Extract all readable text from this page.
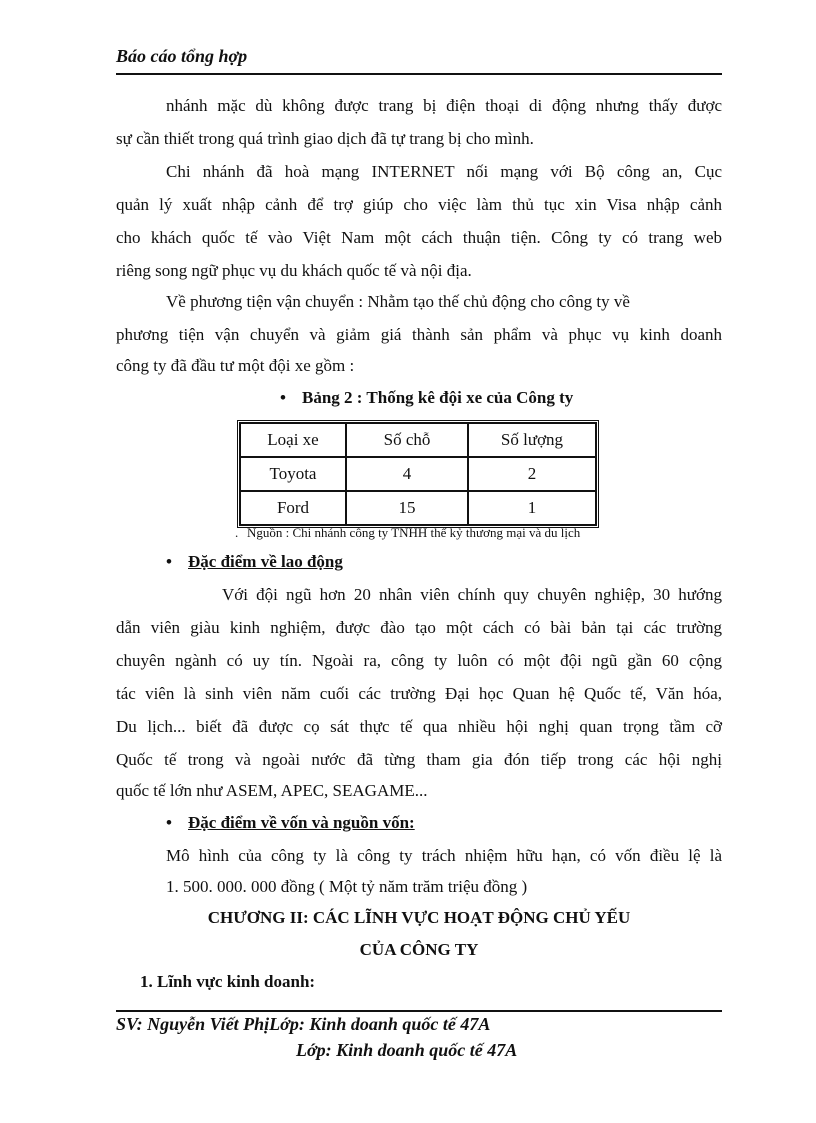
Báo cáo tổng hợp
nhánh mặc dù không được trang bị điện thoại di động nhưng thấy được
sự cần thiết trong quá trình giao dịch đã tự trang bị cho mình.
Chi nhánh đã hoà mạng INTERNET nối mạng với Bộ công an, Cục
quản lý xuất nhập cảnh để trợ giúp cho việc làm thủ tục xin Visa nhập cảnh
cho khách quốc tế vào Việt Nam một cách thuận tiện. Công ty có trang web
riêng song ngữ phục vụ du khách quốc tế và nội địa.
Về phương tiện vận chuyển : Nhằm tạo thế chủ động cho công ty về
phương tiện vận chuyển và giảm giá thành sản phẩm và phục vụ kinh doanh
công ty đã đầu tư một đội xe gồm :
• Bảng 2 : Thống kê đội xe của Công ty
Loại xe	Số chỗ	Số lượng
Toyota	4	2
Ford	15	1
. Nguồn : Chi nhánh công ty TNHH thế kỷ thương mại và du lịch
• Đặc điểm về lao động
Với đội ngũ hơn 20 nhân viên chính quy chuyên nghiệp, 30 hướng
dẫn viên giàu kinh nghiệm, được đào tạo một cách có bài bản tại các trường
chuyên ngành có uy tín. Ngoài ra, công ty luôn có một đội ngũ gần 60 cộng
tác viên là sinh viên năm cuối các trường Đại học Quan hệ Quốc tế, Văn hóa,
Du lịch... biết đã được cọ sát thực tế qua nhiều hội nghị quan trọng tầm cỡ
Quốc tế trong và ngoài nước đã từng tham gia đón tiếp trong các hội nghị
quốc tế lớn như ASEM, APEC, SEAGAME...
• Đặc điểm về vốn và nguồn vốn:
Mô hình của công ty là công ty trách nhiệm hữu hạn, có vốn điều lệ là
1. 500. 000. 000 đồng ( Một tỷ năm trăm triệu đồng )
CHƯƠNG II: CÁC LĨNH VỰC HOẠT ĐỘNG CHỦ YẾU
CỦA CÔNG TY
1. Lĩnh vực kinh doanh:
SV: Nguyễn Viết PhịLớp: Kinh doanh quốc tế 47A
Lớp: Kinh doanh quốc tế 47A
